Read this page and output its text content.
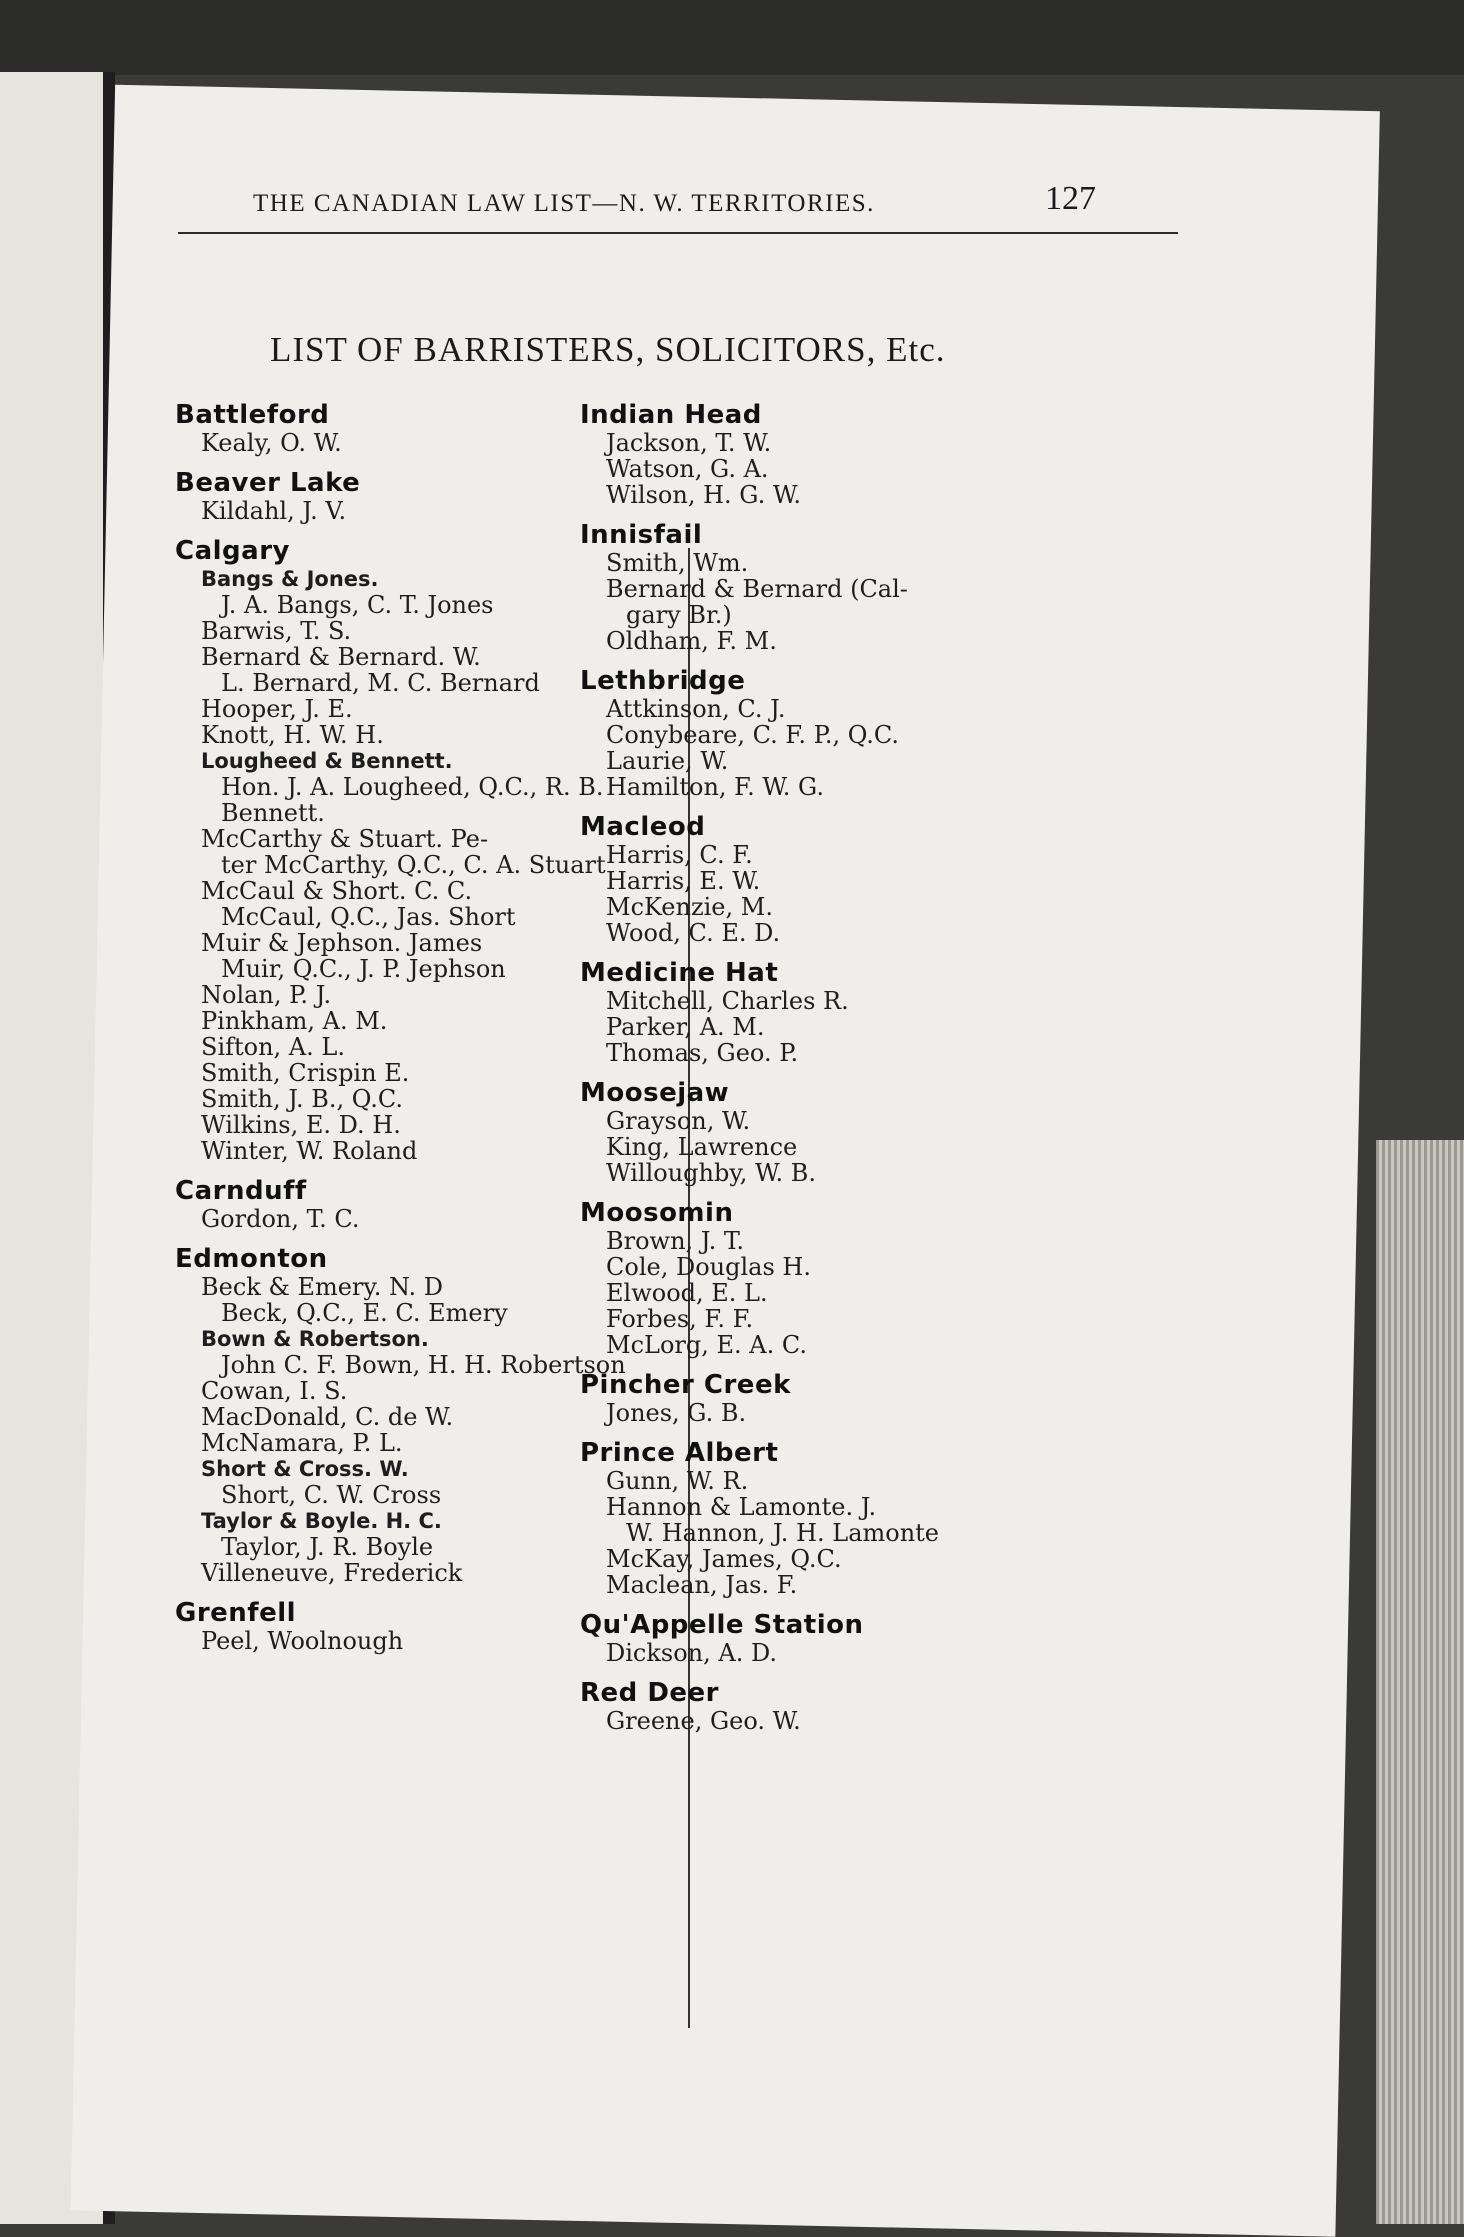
THE CANADIAN LAW LIST—N. W. TERRITORIES.	127
LIST OF BARRISTERS, SOLICITORS, Etc.
Battleford
Kealy, O. W.
Beaver Lake
Kildahl, J. V.
Calgary
Bangs & Jones.
J. A. Bangs, C. T. Jones
Barwis, T. S.
Bernard & Bernard. W.
L. Bernard, M. C. Bernard
Hooper, J. E.
Knott, H. W. H.
Lougheed & Bennett.
Hon. J. A. Lougheed, Q.C., R. B. Bennett.
McCarthy & Stuart. Pe-
ter McCarthy, Q.C., C. A. Stuart
McCaul & Short. C. C.
McCaul, Q.C., Jas. Short
Muir & Jephson. James
Muir, Q.C., J. P. Jephson
Nolan, P. J.
Pinkham, A. M.
Sifton, A. L.
Smith, Crispin E.
Smith, J. B., Q.C.
Wilkins, E. D. H.
Winter, W. Roland
Carnduff
Gordon, T. C.
Edmonton
Beck & Emery. N. D
Beck, Q.C., E. C. Emery
Bown & Robertson.
John C. F. Bown, H. H. Robertson
Cowan, I. S.
MacDonald, C. de W.
McNamara, P. L.
Short & Cross. W.
Short, C. W. Cross
Taylor & Boyle. H. C.
Taylor, J. R. Boyle
Villeneuve, Frederick
Grenfell
Peel, Woolnough
Indian Head
Jackson, T. W.
Watson, G. A.
Wilson, H. G. W.
Innisfail
Smith, Wm.
Bernard & Bernard (Cal-
gary Br.)
Oldham, F. M.
Lethbridge
Attkinson, C. J.
Conybeare, C. F. P., Q.C.
Laurie, W.
Hamilton, F. W. G.
Macleod
Harris, C. F.
Harris, E. W.
McKenzie, M.
Wood, C. E. D.
Medicine Hat
Mitchell, Charles R.
Parker, A. M.
Thomas, Geo. P.
Moosejaw
Grayson, W.
King, Lawrence
Willoughby, W. B.
Moosomin
Brown, J. T.
Cole, Douglas H.
Elwood, E. L.
Forbes, F. F.
McLorg, E. A. C.
Pincher Creek
Jones, G. B.
Prince Albert
Gunn, W. R.
Hannon & Lamonte. J.
W. Hannon, J. H. Lamonte
McKay, James, Q.C.
Maclean, Jas. F.
Qu'Appelle Station
Dickson, A. D.
Red Deer
Greene, Geo. W.
